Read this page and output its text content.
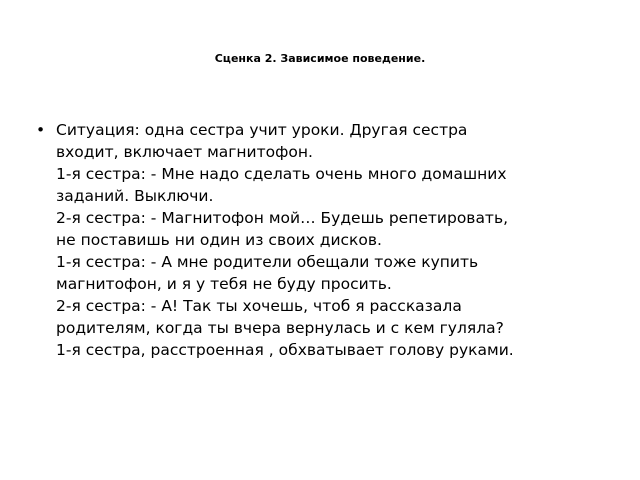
Сценка 2. Зависимое поведение.
• Ситуация: одна сестра учит уроки. Другая сестра
входит, включает магнитофон.
1-я сестра: - Мне надо сделать очень много домашних
заданий. Выключи.
2-я сестра: - Магнитофон мой… Будешь репетировать,
не поставишь ни один из своих дисков.
1-я сестра: - А мне родители обещали тоже купить
магнитофон, и я у тебя не буду просить.
2-я сестра: - А! Так ты хочешь, чтоб я рассказала
родителям, когда ты вчера вернулась и с кем гуляла?
1-я сестра, расстроенная , обхватывает голову руками.
